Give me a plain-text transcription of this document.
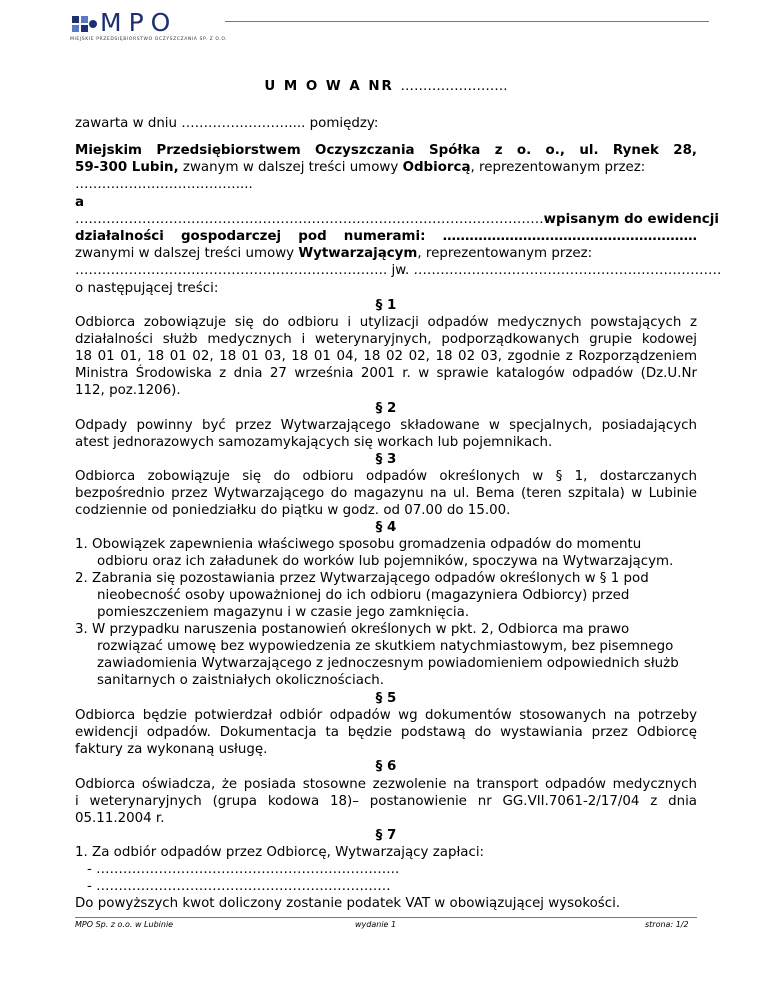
MPO
MIEJSKIE PRZEDSIĘBIORSTWO OCZYSZCZANIA SP. Z O.O.
U M O W A NR ……………………
zawarta w dniu …………………….... pomiędzy:
Miejskim Przedsiębiorstwem Oczyszczania Spółka z o. o., ul. Rynek 28,
59-300 Lubin, zwanym w dalszej treści umowy Odbiorcą, reprezentowanym przez:
………………………………....
a
……………………………………………………………………………………………wpisanym do ewidencji
działalności gospodarczej pod numerami: …………………………………………………
zwanymi w dalszej treści umowy Wytwarzającym, reprezentowanym przez:
……………………………………………………………. jw. ……………………………………………………………
o następującej treści:
§ 1
Odbiorca zobowiązuje się do odbioru i utylizacji odpadów medycznych powstających z
działalności służb medycznych i weterynaryjnych, podporządkowanych grupie kodowej
18 01 01, 18 01 02, 18 01 03, 18 01 04, 18 02 02, 18 02 03, zgodnie z Rozporządzeniem
Ministra Środowiska z dnia 27 września 2001 r. w sprawie katalogów odpadów (Dz.U.Nr
112, poz.1206).
§ 2
Odpady powinny być przez Wytwarzającego składowane w specjalnych, posiadających
atest jednorazowych samozamykających się workach lub pojemnikach.
§ 3
Odbiorca zobowiązuje się do odbioru odpadów określonych w § 1, dostarczanych
bezpośrednio przez Wytwarzającego do magazynu na ul. Bema (teren szpitala) w Lubinie
codziennie od poniedziałku do piątku w godz. od 07.00 do 15.00.
§ 4
1. Obowiązek zapewnienia właściwego sposobu gromadzenia odpadów do momentu
odbioru oraz ich załadunek do worków lub pojemników, spoczywa na Wytwarzającym.
2. Zabrania się pozostawiania przez Wytwarzającego odpadów określonych w § 1 pod
nieobecność osoby upoważnionej do ich odbioru (magazyniera Odbiorcy) przed
pomieszczeniem magazynu i w czasie jego zamknięcia.
3. W przypadku naruszenia postanowień określonych w pkt. 2, Odbiorca ma prawo
rozwiązać umowę bez wypowiedzenia ze skutkiem natychmiastowym, bez pisemnego
zawiadomienia Wytwarzającego z jednoczesnym powiadomieniem odpowiednich służb
sanitarnych o zaistniałych okolicznościach.
§ 5
Odbiorca będzie potwierdzał odbiór odpadów wg dokumentów stosowanych na potrzeby
ewidencji odpadów. Dokumentacja ta będzie podstawą do wystawiania przez Odbiorcę
faktury za wykonaną usługę.
§ 6
Odbiorca oświadcza, że posiada stosowne zezwolenie na transport odpadów medycznych
i weterynaryjnych (grupa kodowa 18)– postanowienie nr GG.VII.7061-2/17/04 z dnia
05.11.2004 r.
§ 7
1. Za odbiór odpadów przez Odbiorcę, Wytwarzający zapłaci:
- …………………………………………………………..
- …………………………………………………………
Do powyższych kwot doliczony zostanie podatek VAT w obowiązującej wysokości.
MPO Sp. z o.o. w Lubinie	wydanie 1	strona: 1/2
